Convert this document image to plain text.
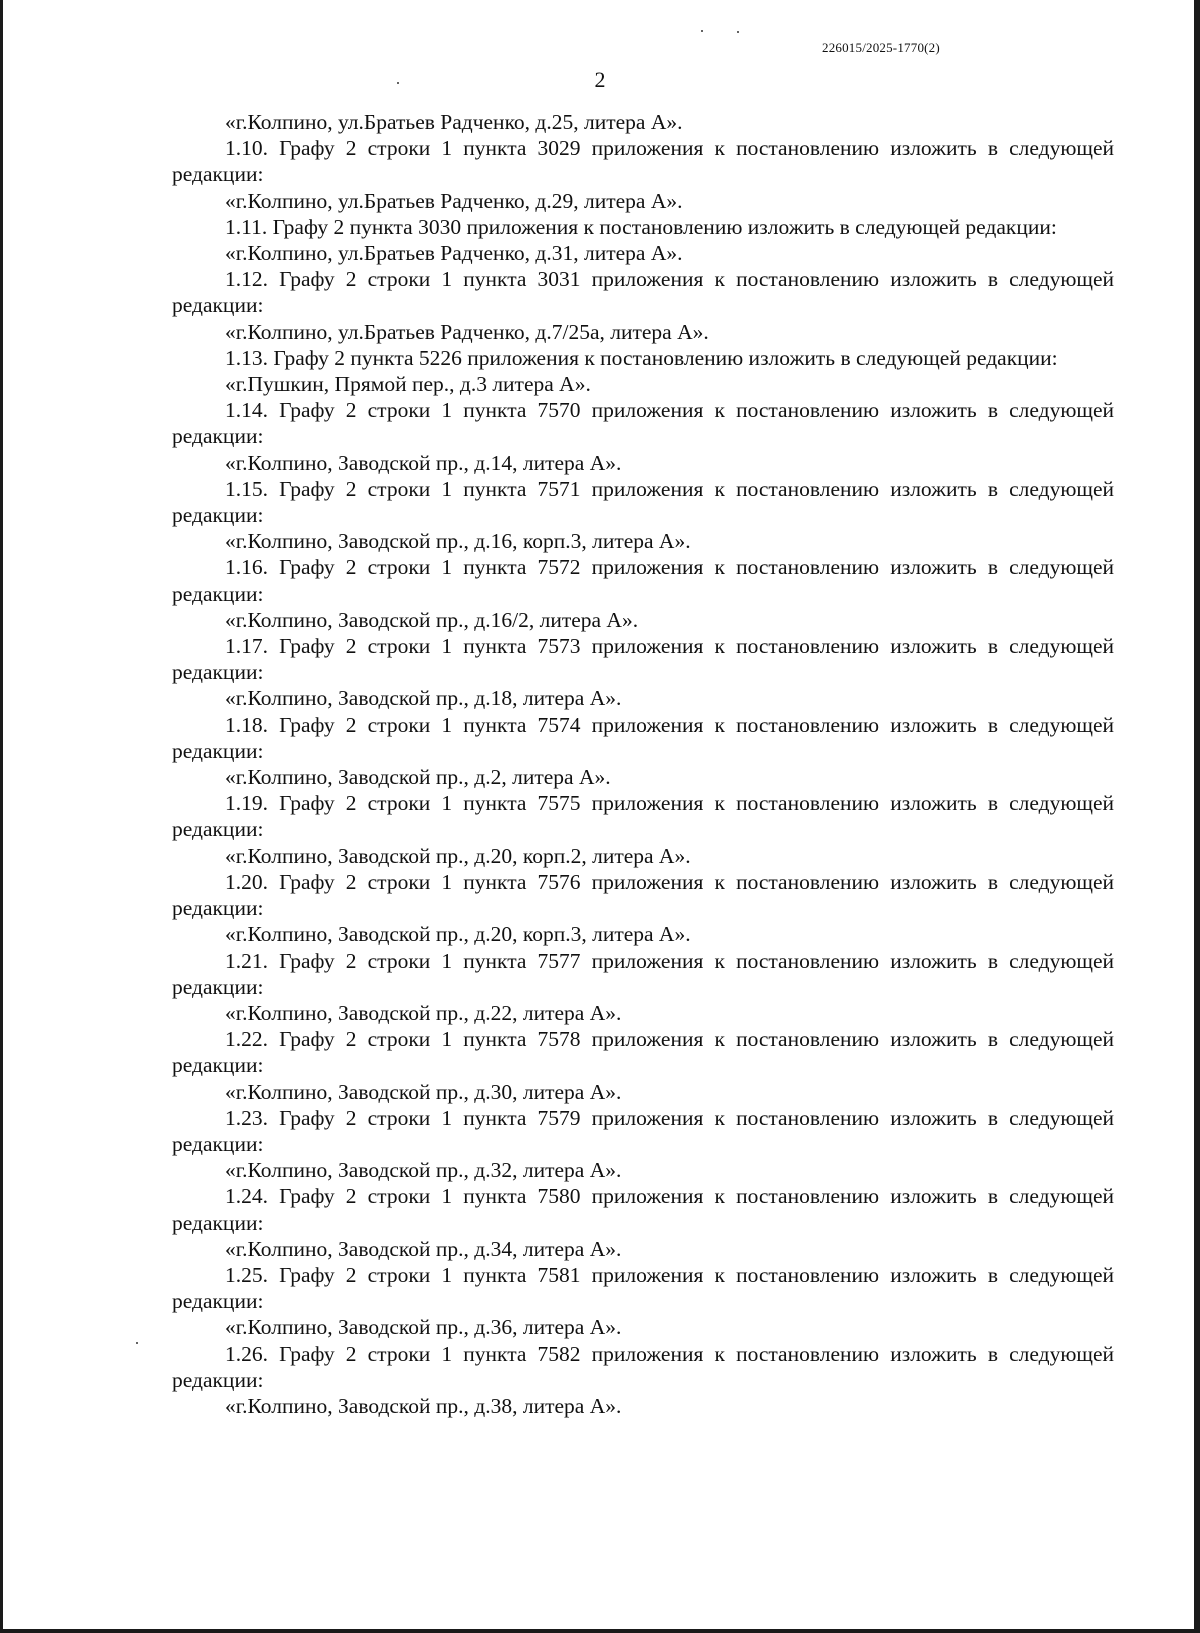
226015/2025-1770(2)
2
«г.Колпино, ул.Братьев Радченко, д.25, литера А».
1.10. Графу 2 строки 1 пункта 3029 приложения к постановлению изложить в следующей редакции:
«г.Колпино, ул.Братьев Радченко, д.29, литера А».
1.11. Графу 2 пункта 3030 приложения к постановлению изложить в следующей редакции:
«г.Колпино, ул.Братьев Радченко, д.31, литера А».
1.12. Графу 2 строки 1 пункта 3031 приложения к постановлению изложить в следующей редакции:
«г.Колпино, ул.Братьев Радченко, д.7/25а, литера А».
1.13. Графу 2 пункта 5226 приложения к постановлению изложить в следующей редакции:
«г.Пушкин, Прямой пер., д.3 литера А».
1.14. Графу 2 строки 1 пункта 7570 приложения к постановлению изложить в следующей редакции:
«г.Колпино, Заводской пр., д.14, литера А».
1.15. Графу 2 строки 1 пункта 7571 приложения к постановлению изложить в следующей редакции:
«г.Колпино, Заводской пр., д.16, корп.3, литера А».
1.16. Графу 2 строки 1 пункта 7572 приложения к постановлению изложить в следующей редакции:
«г.Колпино, Заводской пр., д.16/2, литера А».
1.17. Графу 2 строки 1 пункта 7573 приложения к постановлению изложить в следующей редакции:
«г.Колпино, Заводской пр., д.18, литера А».
1.18. Графу 2 строки 1 пункта 7574 приложения к постановлению изложить в следующей редакции:
«г.Колпино, Заводской пр., д.2, литера А».
1.19. Графу 2 строки 1 пункта 7575 приложения к постановлению изложить в следующей редакции:
«г.Колпино, Заводской пр., д.20, корп.2, литера А».
1.20. Графу 2 строки 1 пункта 7576 приложения к постановлению изложить в следующей редакции:
«г.Колпино, Заводской пр., д.20, корп.3, литера А».
1.21. Графу 2 строки 1 пункта 7577 приложения к постановлению изложить в следующей редакции:
«г.Колпино, Заводской пр., д.22, литера А».
1.22. Графу 2 строки 1 пункта 7578 приложения к постановлению изложить в следующей редакции:
«г.Колпино, Заводской пр., д.30, литера А».
1.23. Графу 2 строки 1 пункта 7579 приложения к постановлению изложить в следующей редакции:
«г.Колпино, Заводской пр., д.32, литера А».
1.24. Графу 2 строки 1 пункта 7580 приложения к постановлению изложить в следующей редакции:
«г.Колпино, Заводской пр., д.34, литера А».
1.25. Графу 2 строки 1 пункта 7581 приложения к постановлению изложить в следующей редакции:
«г.Колпино, Заводской пр., д.36, литера А».
1.26. Графу 2 строки 1 пункта 7582 приложения к постановлению изложить в следующей редакции:
«г.Колпино, Заводской пр., д.38, литера А».
